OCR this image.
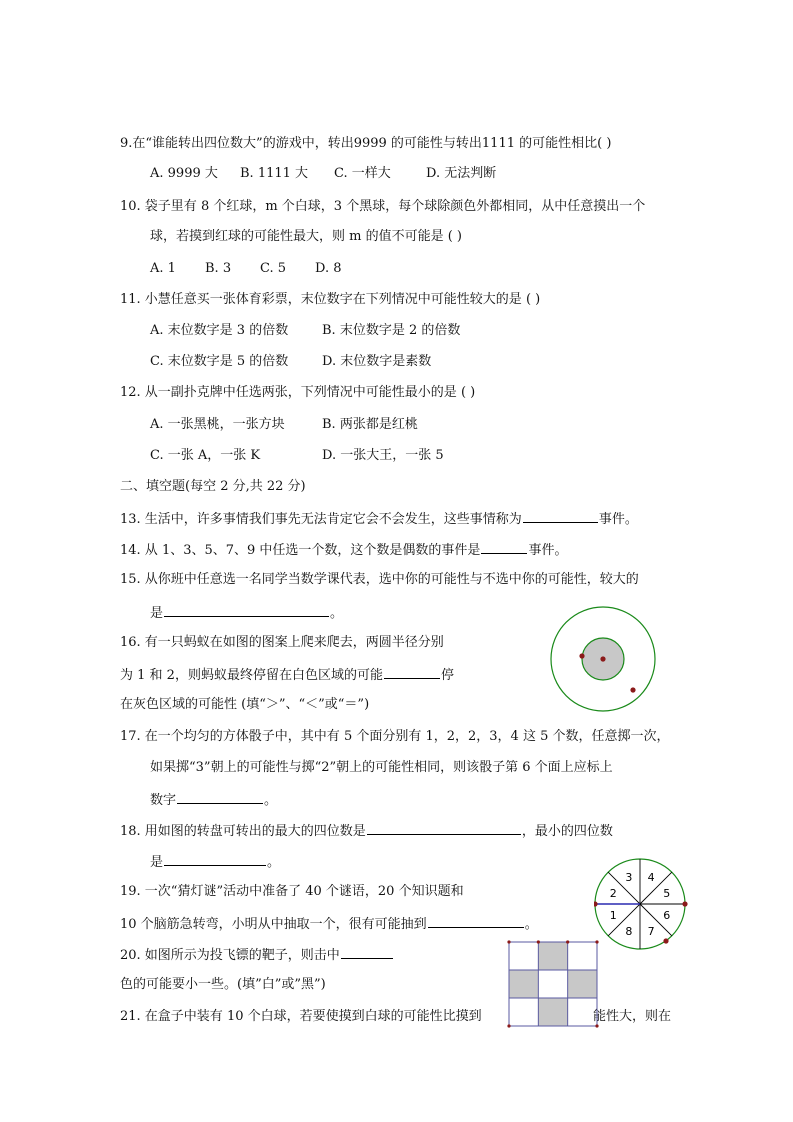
9.在“谁能转出四位数大”的游戏中，转出9999 的可能性与转出1111 的可能性相比( )
A. 9999 大 B. 1111 大 C. 一样大	D. 无法判断
10. 袋子里有 8 个红球，m 个白球，3 个黑球，每个球除颜色外都相同，从中任意摸出一个
球，若摸到红球的可能性最大，则 m 的值不可能是 ( )
A. 1 B. 3 C. 5 D. 8
11. 小慧任意买一张体育彩票，末位数字在下列情况中可能性较大的是 ( )
A. 末位数字是 3 的倍数	B. 末位数字是 2 的倍数
C. 末位数字是 5 的倍数	D. 末位数字是素数
12. 从一副扑克牌中任选两张，下列情况中可能性最小的是 ( )
A. 一张黑桃，一张方块	B. 两张都是红桃
C. 一张 A，一张 K	D. 一张大王，一张 5
二、填空题(每空 2 分,共 22 分)
13. 生活中，许多事情我们事先无法肯定它会不会发生，这些事情称为	事件。
14. 从 1、3、5、7、9 中任选一个数，这个数是偶数的事件是	事件。
15. 从你班中任意选一名同学当数学课代表，选中你的可能性与不选中你的可能性，较大的
是	。
16. 有一只蚂蚁在如图的图案上爬来爬去，两圆半径分别
为 1 和 2，则蚂蚁最终停留在白色区域的可能	停
在灰色区域的可能性 (填“＞”、“＜”或“＝”)
17. 在一个均匀的方体骰子中，其中有 5 个面分别有 1，2，2，3，4 这 5 个数，任意掷一次，
如果掷“3”朝上的可能性与掷“2”朝上的可能性相同，则该骰子第 6 个面上应标上
数字	。
18. 用如图的转盘可转出的最大的四位数是	，最小的四位数
是	。
4
5
6
7
8
1
2
3
19. 一次“猜灯谜”活动中准备了 40 个谜语，20 个知识题和
10 个脑筋急转弯，小明从中抽取一个，很有可能抽到	。
20. 如图所示为投飞镖的靶子，则击中
色的可能要小一些。(填”白”或”黑”)
21. 在盒子中装有 10 个白球，若要使摸到白球的可能性比摸到	能性大，则在
